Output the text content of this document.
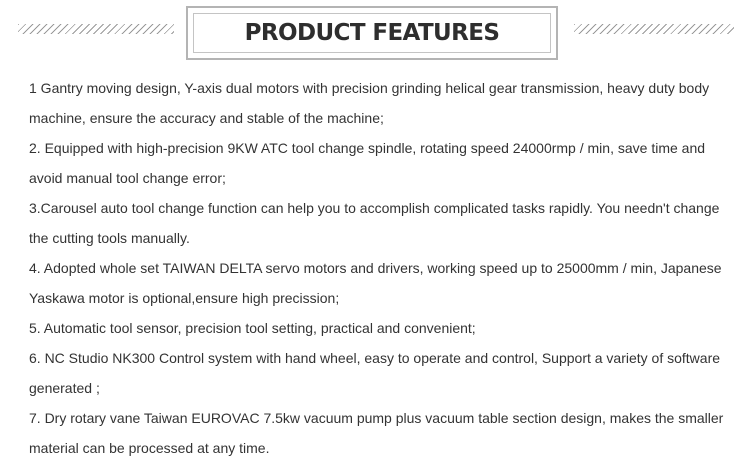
PRODUCT FEATURES
1 Gantry moving design, Y-axis dual motors with precision grinding helical gear transmission, heavy duty body machine, ensure the accuracy and stable of the machine;
2. Equipped with high-precision 9KW ATC tool change spindle, rotating speed 24000rmp / min, save time and avoid manual tool change error;
3.Carousel auto tool change function can help you to accomplish complicated tasks rapidly. You needn't change the cutting tools manually.
4. Adopted whole set TAIWAN DELTA servo motors and drivers, working speed up to 25000mm / min, Japanese Yaskawa motor is optional,ensure high precission;
5. Automatic tool sensor, precision tool setting, practical and convenient;
6. NC Studio NK300 Control system with hand wheel, easy to operate and control, Support a variety of software generated ;
7. Dry rotary vane Taiwan EUROVAC 7.5kw vacuum pump plus vacuum table section design, makes the smaller material can be processed at any time.
